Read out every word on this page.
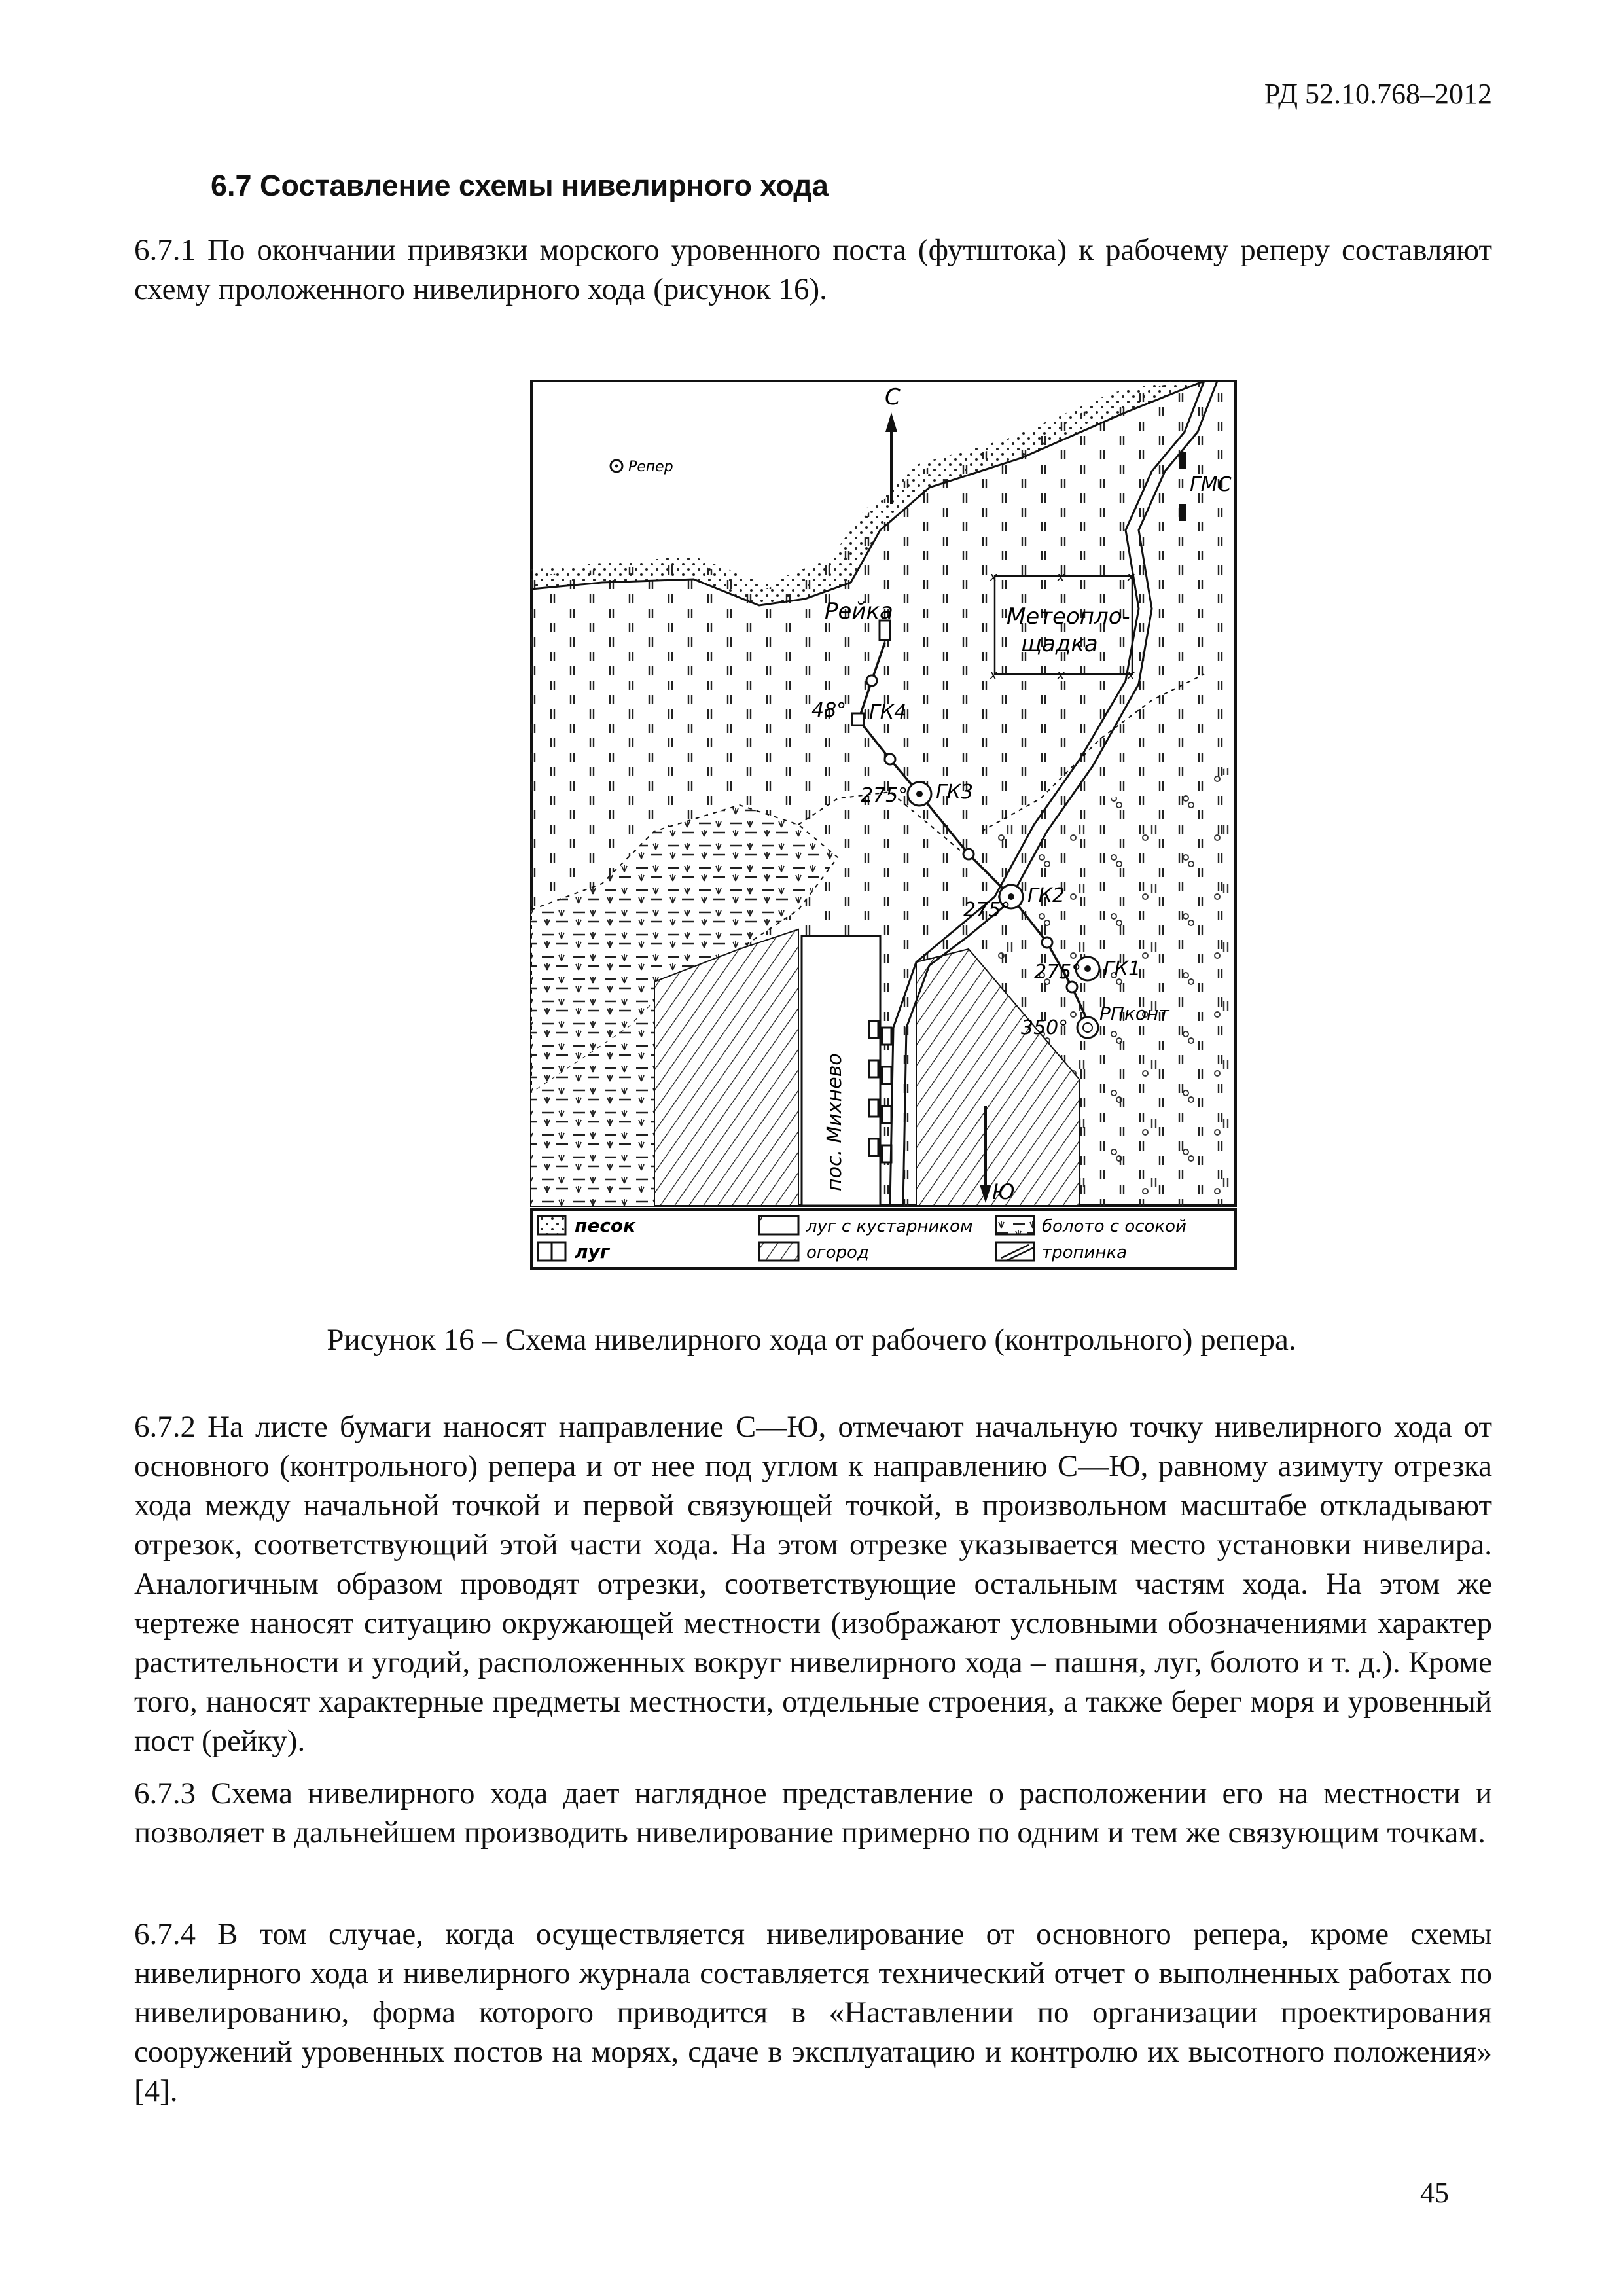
РД 52.10.768–2012
6.7 Составление схемы нивелирного хода

6.7.1 По окончании привязки морского уровенного поста (футштока) к рабочему реперу составляют схему проложенного нивелирного хода (рисунок 16).

пос. Михнево
С
Репер
Рейка
ГМС
x	x	x
x	x	x
Метеопло-
щадка
ГК4
ГК3
ГК2
ГК1
РПконт
48°
275°
275°
275°
350°
Ю
песок
луг
луг с кустарником
огород
болото с осокой
тропинка
Рисунок 16 – Схема нивелирного хода от рабочего (контрольного) репера.

6.7.2 На листе бумаги наносят направление С—Ю, отмечают начальную точку нивелирного хода от основного (контрольного) репера и от нее под углом к направлению С—Ю, равному азимуту отрезка хода между начальной точкой и первой связующей точкой, в произвольном масштабе откладывают отрезок, соответствующий этой части хода. На этом отрезке указывается место установки нивелира. Аналогичным образом проводят отрезки, соответствующие остальным частям хода. На этом же чертеже наносят ситуацию окружающей местности (изображают условными обозначениями характер растительности и угодий, расположенных вокруг нивелирного хода – пашня, луг, болото и т. д.). Кроме того, наносят характерные предметы местности, отдельные строения, а также берег моря и уровенный пост (рейку).

6.7.3 Схема нивелирного хода дает наглядное представление о расположении его на местности и позволяет в дальнейшем производить нивелирование примерно по одним и тем же связующим точкам.

6.7.4 В том случае, когда осуществляется нивелирование от основного репера, кроме схемы нивелирного хода и нивелирного журнала составляется технический отчет о выполненных работах по нивелированию, форма которого приводится в «Наставлении по организации проектирования сооружений уровенных постов на морях, сдаче в эксплуатацию и контролю их высотного положения» [4].

45
